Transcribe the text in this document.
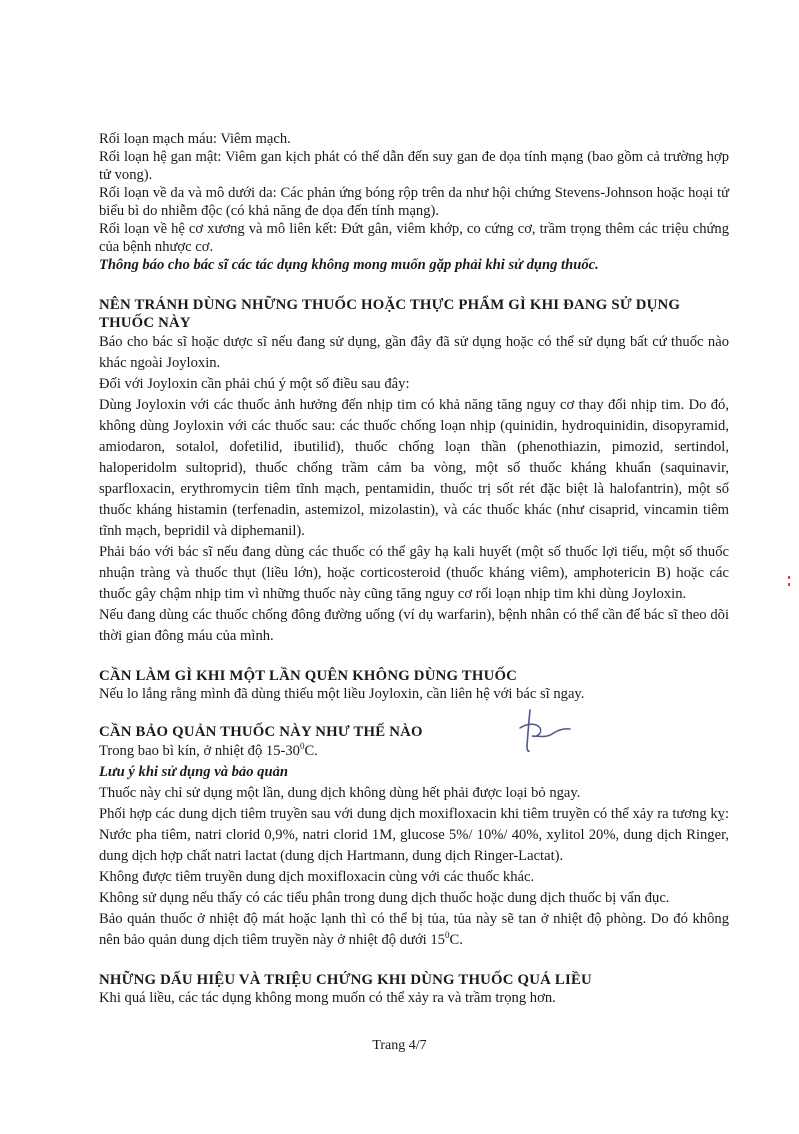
Rối loạn mạch máu: Viêm mạch.

Rối loạn hệ gan mật: Viêm gan kịch phát có thể dẫn đến suy gan đe dọa tính mạng (bao gồm cả trường hợp tử vong).

Rối loạn về da và mô dưới da: Các phản ứng bóng rộp trên da như hội chứng Stevens-Johnson hoặc hoại tử biểu bì do nhiễm độc (có khả năng đe dọa đến tính mạng).

Rối loạn về hệ cơ xương và mô liên kết: Đứt gân, viêm khớp, co cứng cơ, trầm trọng thêm các triệu chứng của bệnh nhược cơ.

Thông báo cho bác sĩ các tác dụng không mong muốn gặp phải khi sử dụng thuốc.

NÊN TRÁNH DÙNG NHỮNG THUỐC HOẶC THỰC PHẨM GÌ KHI ĐANG SỬ DỤNG THUỐC NÀY

Báo cho bác sĩ hoặc dược sĩ nếu đang sử dụng, gần đây đã sử dụng hoặc có thể sử dụng bất cứ thuốc nào khác ngoài Joyloxin.

Đối với Joyloxin cần phải chú ý một số điều sau đây:

Dùng Joyloxin với các thuốc ảnh hưởng đến nhịp tim có khả năng tăng nguy cơ thay đổi nhịp tim. Do đó, không dùng Joyloxin với các thuốc sau: các thuốc chống loạn nhịp (quinidin, hydroquinidin, disopyramid, amiodaron, sotalol, dofetilid, ibutilid), thuốc chống loạn thần (phenothiazin, pimozid, sertindol, haloperidolm sultoprid), thuốc chống trầm cảm ba vòng, một số thuốc kháng khuẩn (saquinavir, sparfloxacin, erythromycin tiêm tĩnh mạch, pentamidin, thuốc trị sốt rét đặc biệt là halofantrin), một số thuốc kháng histamin (terfenadin, astemizol, mizolastin), và các thuốc khác (như cisaprid, vincamin tiêm tĩnh mạch, bepridil và diphemanil).

Phải báo với bác sĩ nếu đang dùng các thuốc có thể gây hạ kali huyết (một số thuốc lợi tiểu, một số thuốc nhuận tràng và thuốc thụt (liều lớn), hoặc corticosteroid (thuốc kháng viêm), amphotericin B) hoặc các thuốc gây chậm nhịp tim vì những thuốc này cũng tăng nguy cơ rối loạn nhịp tim khi dùng Joyloxin.

Nếu đang dùng các thuốc chống đông đường uống (ví dụ warfarin), bệnh nhân có thể cần để bác sĩ theo dõi thời gian đông máu của mình.

CẦN LÀM GÌ KHI MỘT LẦN QUÊN KHÔNG DÙNG THUỐC

Nếu lo lắng rằng mình đã dùng thiếu một liều Joyloxin, cần liên hệ với bác sĩ ngay.

CẦN BẢO QUẢN THUỐC NÀY NHƯ THẾ NÀO

Trong bao bì kín, ở nhiệt độ $15-30^0C$.

Lưu ý khi sử dụng và bảo quản

Thuốc này chỉ sử dụng một lần, dung dịch không dùng hết phải được loại bỏ ngay.

Phối hợp các dung dịch tiêm truyền sau với dung dịch moxifloxacin khi tiêm truyền có thể xảy ra tương kỵ: Nước pha tiêm, natri clorid 0,9%, natri clorid 1M, glucose 5%/ 10%/ 40%, xylitol 20%, dung dịch Ringer, dung dịch hợp chất natri lactat (dung dịch Hartmann, dung dịch Ringer-Lactat).

Không được tiêm truyền dung dịch moxifloxacin cùng với các thuốc khác.

Không sử dụng nếu thấy có các tiểu phân trong dung dịch thuốc hoặc dung dịch thuốc bị vẩn đục.

Bảo quản thuốc ở nhiệt độ mát hoặc lạnh thì có thể bị tủa, tủa này sẽ tan ở nhiệt độ phòng. Do đó không nên bảo quản dung dịch tiêm truyền này ở nhiệt độ dưới $15^0C$.

NHỮNG DẤU HIỆU VÀ TRIỆU CHỨNG KHI DÙNG THUỐC QUÁ LIỀU

Khi quá liều, các tác dụng không mong muốn có thể xảy ra và trầm trọng hơn.

Trang 4/7
